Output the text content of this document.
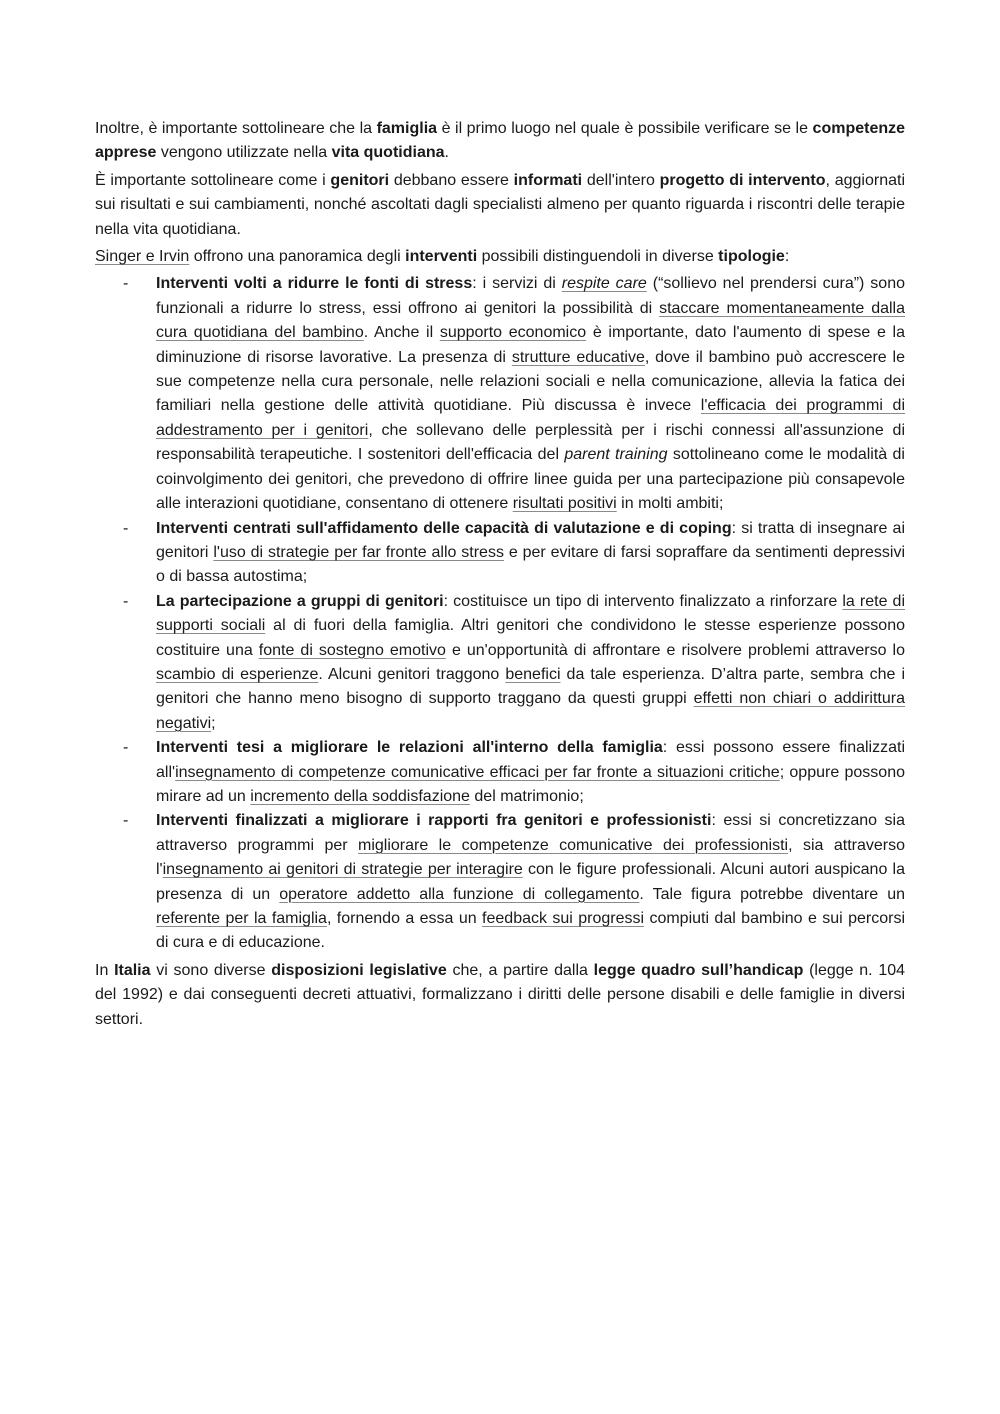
Inoltre, è importante sottolineare che la famiglia è il primo luogo nel quale è possibile verificare se le competenze apprese vengono utilizzate nella vita quotidiana.

È importante sottolineare come i genitori debbano essere informati dell'intero progetto di intervento, aggiornati sui risultati e sui cambiamenti, nonché ascoltati dagli specialisti almeno per quanto riguarda i riscontri delle terapie nella vita quotidiana.

Singer e Irvin offrono una panoramica degli interventi possibili distinguendoli in diverse tipologie:

- Interventi volti a ridurre le fonti di stress: i servizi di respite care (“sollievo nel prendersi cura”) sono funzionali a ridurre lo stress, essi offrono ai genitori la possibilità di staccare momentaneamente dalla cura quotidiana del bambino. Anche il supporto economico è importante, dato l'aumento di spese e la diminuzione di risorse lavorative. La presenza di strutture educative, dove il bambino può accrescere le sue competenze nella cura personale, nelle relazioni sociali e nella comunicazione, allevia la fatica dei familiari nella gestione delle attività quotidiane. Più discussa è invece l'efficacia dei programmi di addestramento per i genitori, che sollevano delle perplessità per i rischi connessi all'assunzione di responsabilità terapeutiche. I sostenitori dell'efficacia del parent training sottolineano come le modalità di coinvolgimento dei genitori, che prevedono di offrire linee guida per una partecipazione più consapevole alle interazioni quotidiane, consentano di ottenere risultati positivi in molti ambiti;
- Interventi centrati sull'affidamento delle capacità di valutazione e di coping: si tratta di insegnare ai genitori l'uso di strategie per far fronte allo stress e per evitare di farsi sopraffare da sentimenti depressivi o di bassa autostima;
- La partecipazione a gruppi di genitori: costituisce un tipo di intervento finalizzato a rinforzare la rete di supporti sociali al di fuori della famiglia. Altri genitori che condividono le stesse esperienze possono costituire una fonte di sostegno emotivo e un'opportunità di affrontare e risolvere problemi attraverso lo scambio di esperienze. Alcuni genitori traggono benefici da tale esperienza. D’altra parte, sembra che i genitori che hanno meno bisogno di supporto traggano da questi gruppi effetti non chiari o addirittura negativi;
- Interventi tesi a migliorare le relazioni all'interno della famiglia: essi possono essere finalizzati all'insegnamento di competenze comunicative efficaci per far fronte a situazioni critiche; oppure possono mirare ad un incremento della soddisfazione del matrimonio;
- Interventi finalizzati a migliorare i rapporti fra genitori e professionisti: essi si concretizzano sia attraverso programmi per migliorare le competenze comunicative dei professionisti, sia attraverso l'insegnamento ai genitori di strategie per interagire con le figure professionali. Alcuni autori auspicano la presenza di un operatore addetto alla funzione di collegamento. Tale figura potrebbe diventare un referente per la famiglia, fornendo a essa un feedback sui progressi compiuti dal bambino e sui percorsi di cura e di educazione.

In Italia vi sono diverse disposizioni legislative che, a partire dalla legge quadro sull’handicap (legge n. 104 del 1992) e dai conseguenti decreti attuativi, formalizzano i diritti delle persone disabili e delle famiglie in diversi settori.
